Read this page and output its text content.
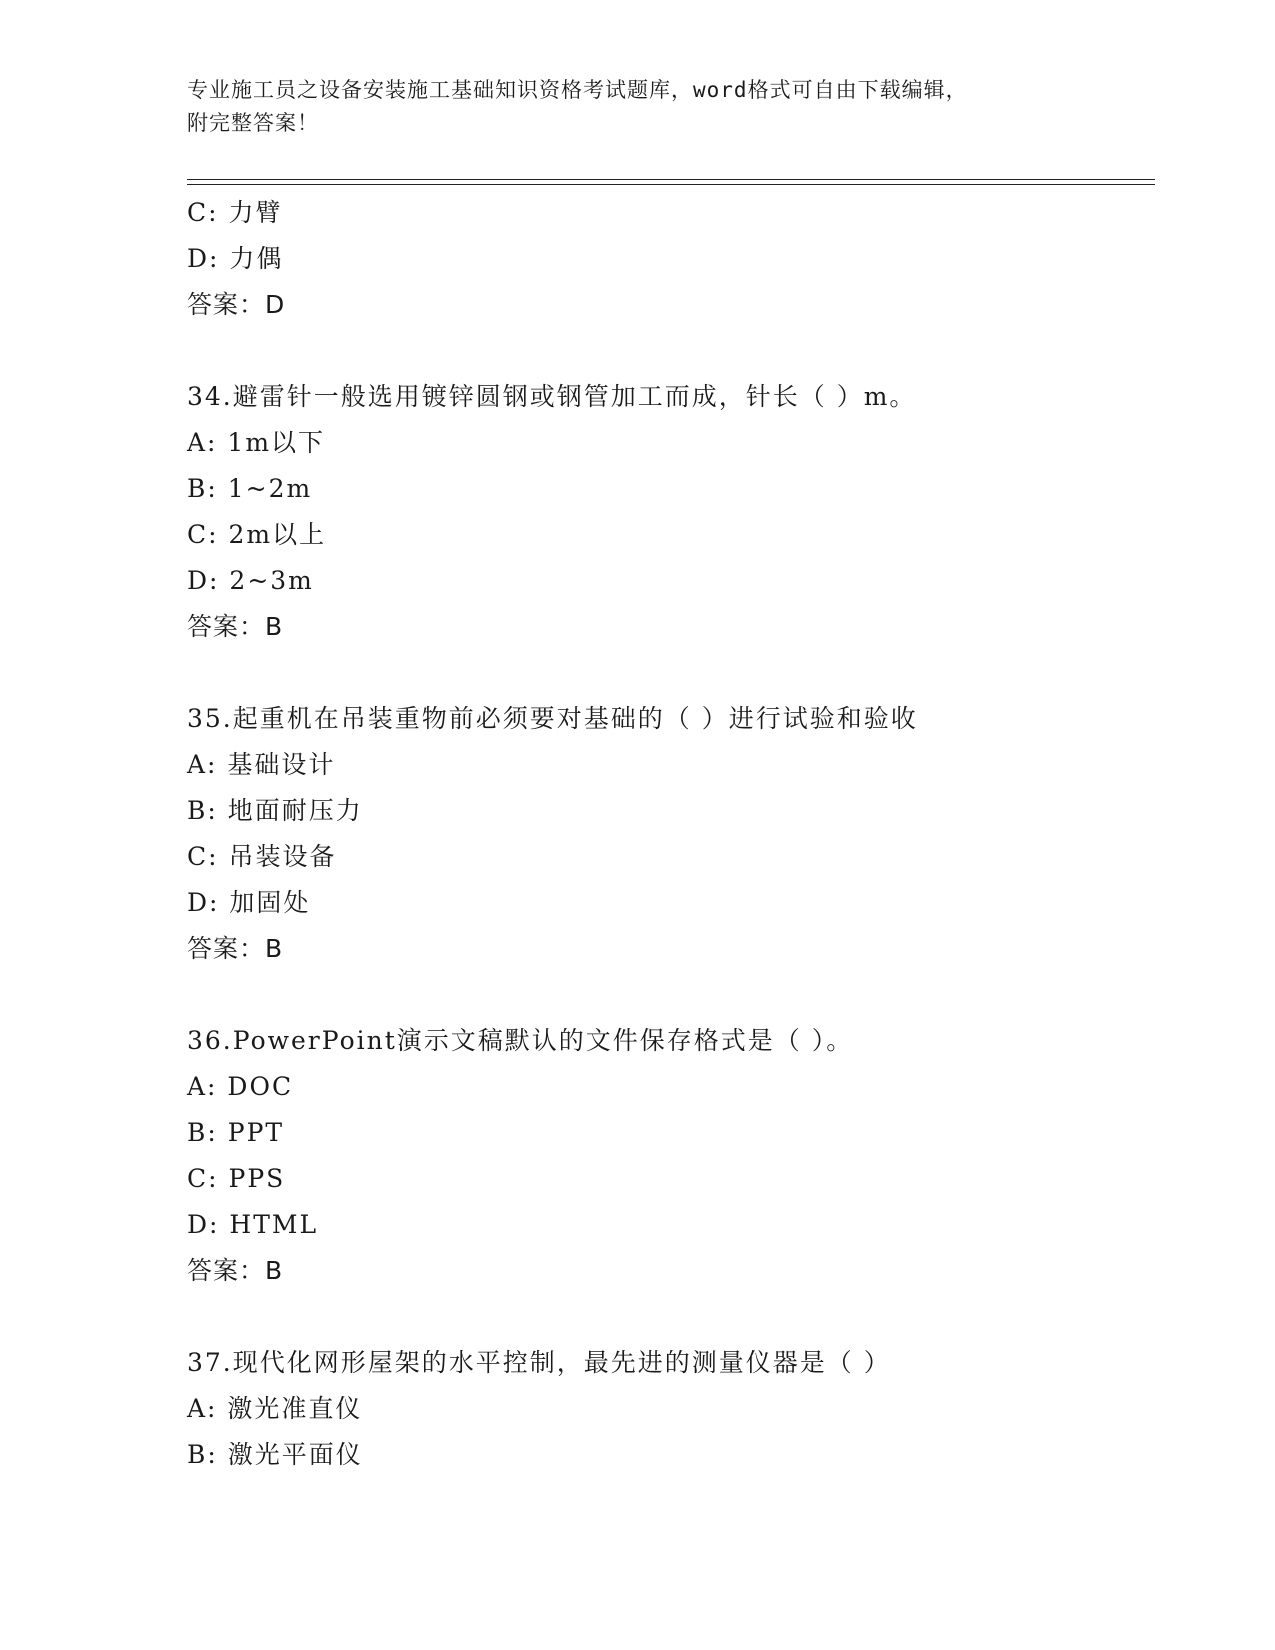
专业施工员之设备安装施工基础知识资格考试题库，word格式可自由下载编辑，
附完整答案！
C: 力臂
D: 力偶
答案：D
34.避雷针一般选用镀锌圆钢或钢管加工而成，针长（ ）m。
A: 1m以下
B: 1~2m
C: 2m以上
D: 2~3m
答案：B
35.起重机在吊装重物前必须要对基础的（ ）进行试验和验收
A: 基础设计
B: 地面耐压力
C: 吊装设备
D: 加固处
答案：B
36.PowerPoint演示文稿默认的文件保存格式是（ ）。
A: DOC
B: PPT
C: PPS
D: HTML
答案：B
37.现代化网形屋架的水平控制，最先进的测量仪器是（ ）
A: 激光准直仪
B: 激光平面仪
